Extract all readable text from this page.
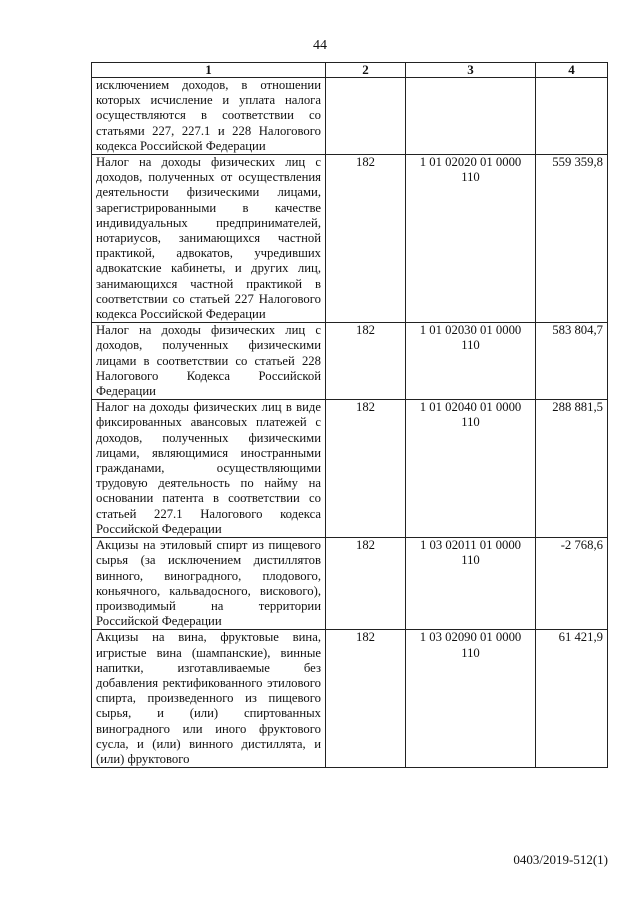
44
1	2	3	4
исключением доходов, в отношении которых исчисление и уплата налога осуществляются в соответствии со статьями 227, 227.1 и 228 Налогового кодекса Российской Федерации			
Налог на доходы физических лиц с доходов, полученных от осуществления деятельности физическими лицами, зарегистрированными в качестве индивидуальных предпринимателей, нотариусов, занимающихся частной практикой, адвокатов, учредивших адвокатские кабинеты, и других лиц, занимающихся частной практикой в соответствии со статьей 227 Налогового кодекса Российской Федерации	182	1 01 02020 01 0000 110	559 359,8
Налог на доходы физических лиц с доходов, полученных физическими лицами в соответствии со статьей 228 Налогового Кодекса Российской Федерации	182	1 01 02030 01 0000 110	583 804,7
Налог на доходы физических лиц в виде фиксированных авансовых платежей с доходов, полученных физическими лицами, являющимися иностранными гражданами, осуществляющими трудовую деятельность по найму на основании патента в соответствии со статьей 227.1 Налогового кодекса Российской Федерации	182	1 01 02040 01 0000 110	288 881,5
Акцизы на этиловый спирт из пищевого сырья (за исключением дистиллятов винного, виноградного, плодового, коньячного, кальвадосного, вискового), производимый на территории Российской Федерации	182	1 03 02011 01 0000 110	-2 768,6
Акцизы на вина, фруктовые вина, игристые вина (шампанские), винные напитки, изготавливаемые без добавления ректификованного этилового спирта, произведенного из пищевого сырья, и (или) спиртованных виноградного или иного фруктового сусла, и (или) винного дистиллята, и (или) фруктового	182	1 03 02090 01 0000 110	61 421,9
0403/2019-512(1)
